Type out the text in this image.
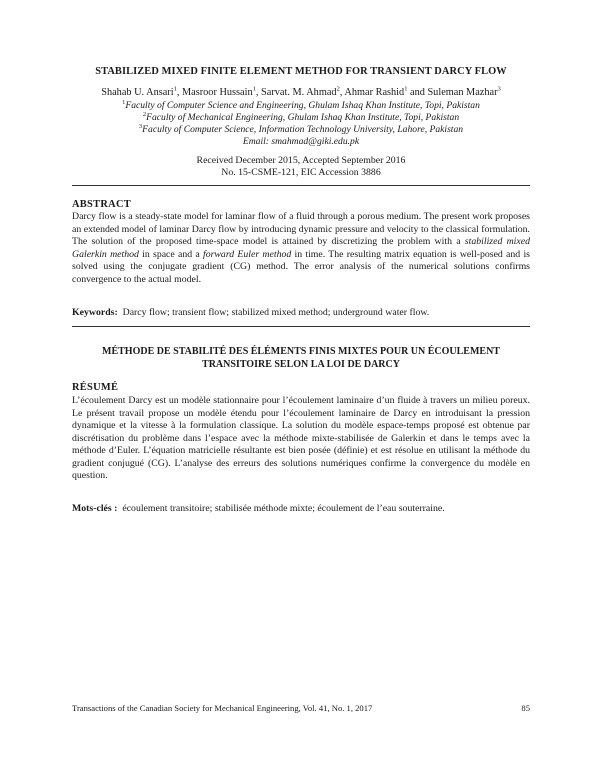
STABILIZED MIXED FINITE ELEMENT METHOD FOR TRANSIENT DARCY FLOW
Shahab U. Ansari$^1$, Masroor Hussain$^1$, Sarvat. M. Ahmad$^2$, Ahmar Rashid$^1$ and Suleman Mazhar$^3$
$^1$Faculty of Computer Science and Engineering, Ghulam Ishaq Khan Institute, Topi, Pakistan
$^2$Faculty of Mechanical Engineering, Ghulam Ishaq Khan Institute, Topi, Pakistan
$^3$Faculty of Computer Science, Information Technology University, Lahore, Pakistan
Email: smahmad@giki.edu.pk
Received December 2015, Accepted September 2016
No. 15-CSME-121, EIC Accession 3886
ABSTRACT
Darcy flow is a steady-state model for laminar flow of a fluid through a porous medium. The present work proposes an extended model of laminar Darcy flow by introducing dynamic pressure and velocity to the classical formulation. The solution of the proposed time-space model is attained by discretizing the problem with a stabilized mixed Galerkin method in space and a forward Euler method in time. The resulting matrix equation is well-posed and is solved using the conjugate gradient (CG) method. The error analysis of the numerical solutions confirms convergence to the actual model.
Keywords: Darcy flow; transient flow; stabilized mixed method; underground water flow.
MÉTHODE DE STABILITÉ DES ÉLÉMENTS FINIS MIXTES POUR UN ÉCOULEMENT
TRANSITOIRE SELON LA LOI DE DARCY
RÉSUMÉ
L’écoulement Darcy est un modèle stationnaire pour l’écoulement laminaire d’un fluide à travers un milieu poreux. Le présent travail propose un modèle étendu pour l’écoulement laminaire de Darcy en introduisant la pression dynamique et la vitesse à la formulation classique. La solution du modèle espace-temps proposé est obtenue par discrétisation du problème dans l’espace avec la méthode mixte-stabilisée de Galerkin et dans le temps avec la méthode d’Euler. L’équation matricielle résultante est bien posée (définie) et est résolue en utilisant la méthode du gradient conjugué (CG). L’analyse des erreurs des solutions numériques confirme la convergence du modèle en question.
Mots-clés : écoulement transitoire; stabilisée méthode mixte; écoulement de l’eau souterraine.
Transactions of the Canadian Society for Mechanical Engineering, Vol. 41, No. 1, 2017	85
